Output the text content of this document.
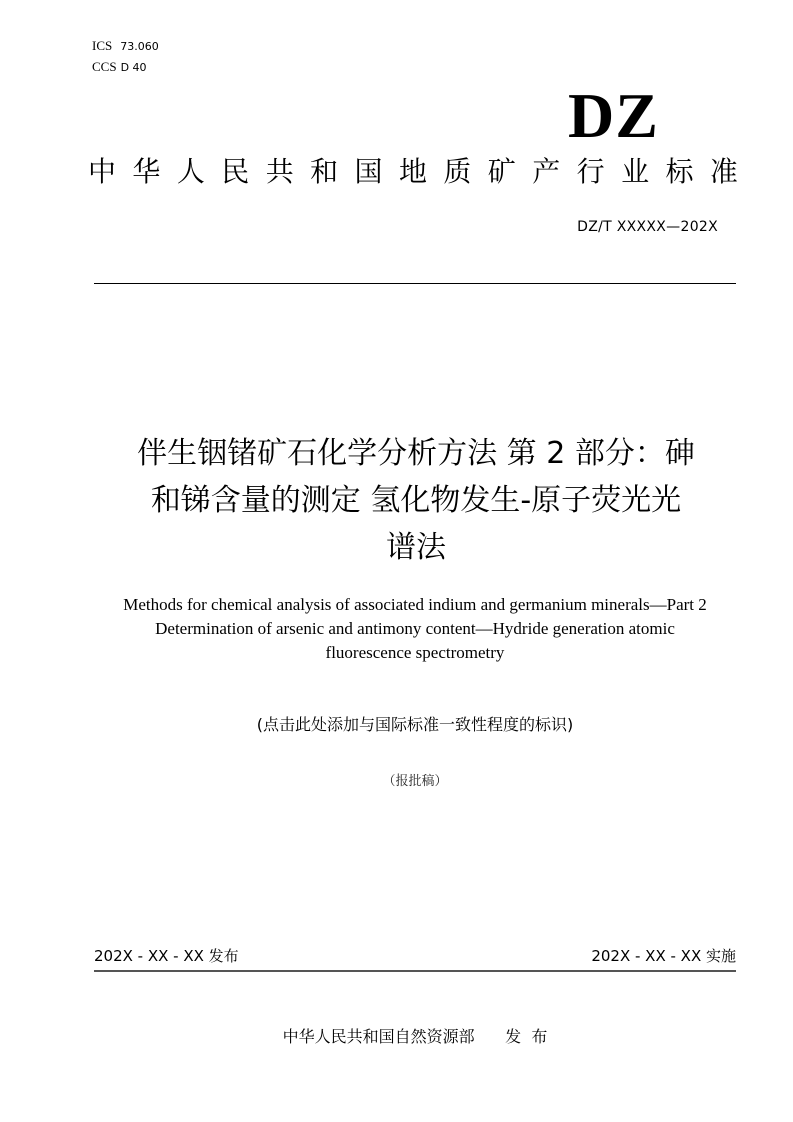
ICS 73.060
CCS D 40
DZ
中 华 人 民 共 和 国 地 质 矿 产 行 业 标 准
DZ/T XXXXX—202X
伴生铟锗矿石化学分析方法 第 2 部分：砷
和锑含量的测定 氢化物发生-原子荧光光
谱法
Methods for chemical analysis of associated indium and germanium minerals—Part 2
Determination of arsenic and antimony content—Hydride generation atomic
fluorescence spectrometry
(点击此处添加与国际标准一致性程度的标识)
（报批稿）
202X - XX - XX 发布	202X - XX - XX 实施
中华人民共和国自然资源部      发  布
